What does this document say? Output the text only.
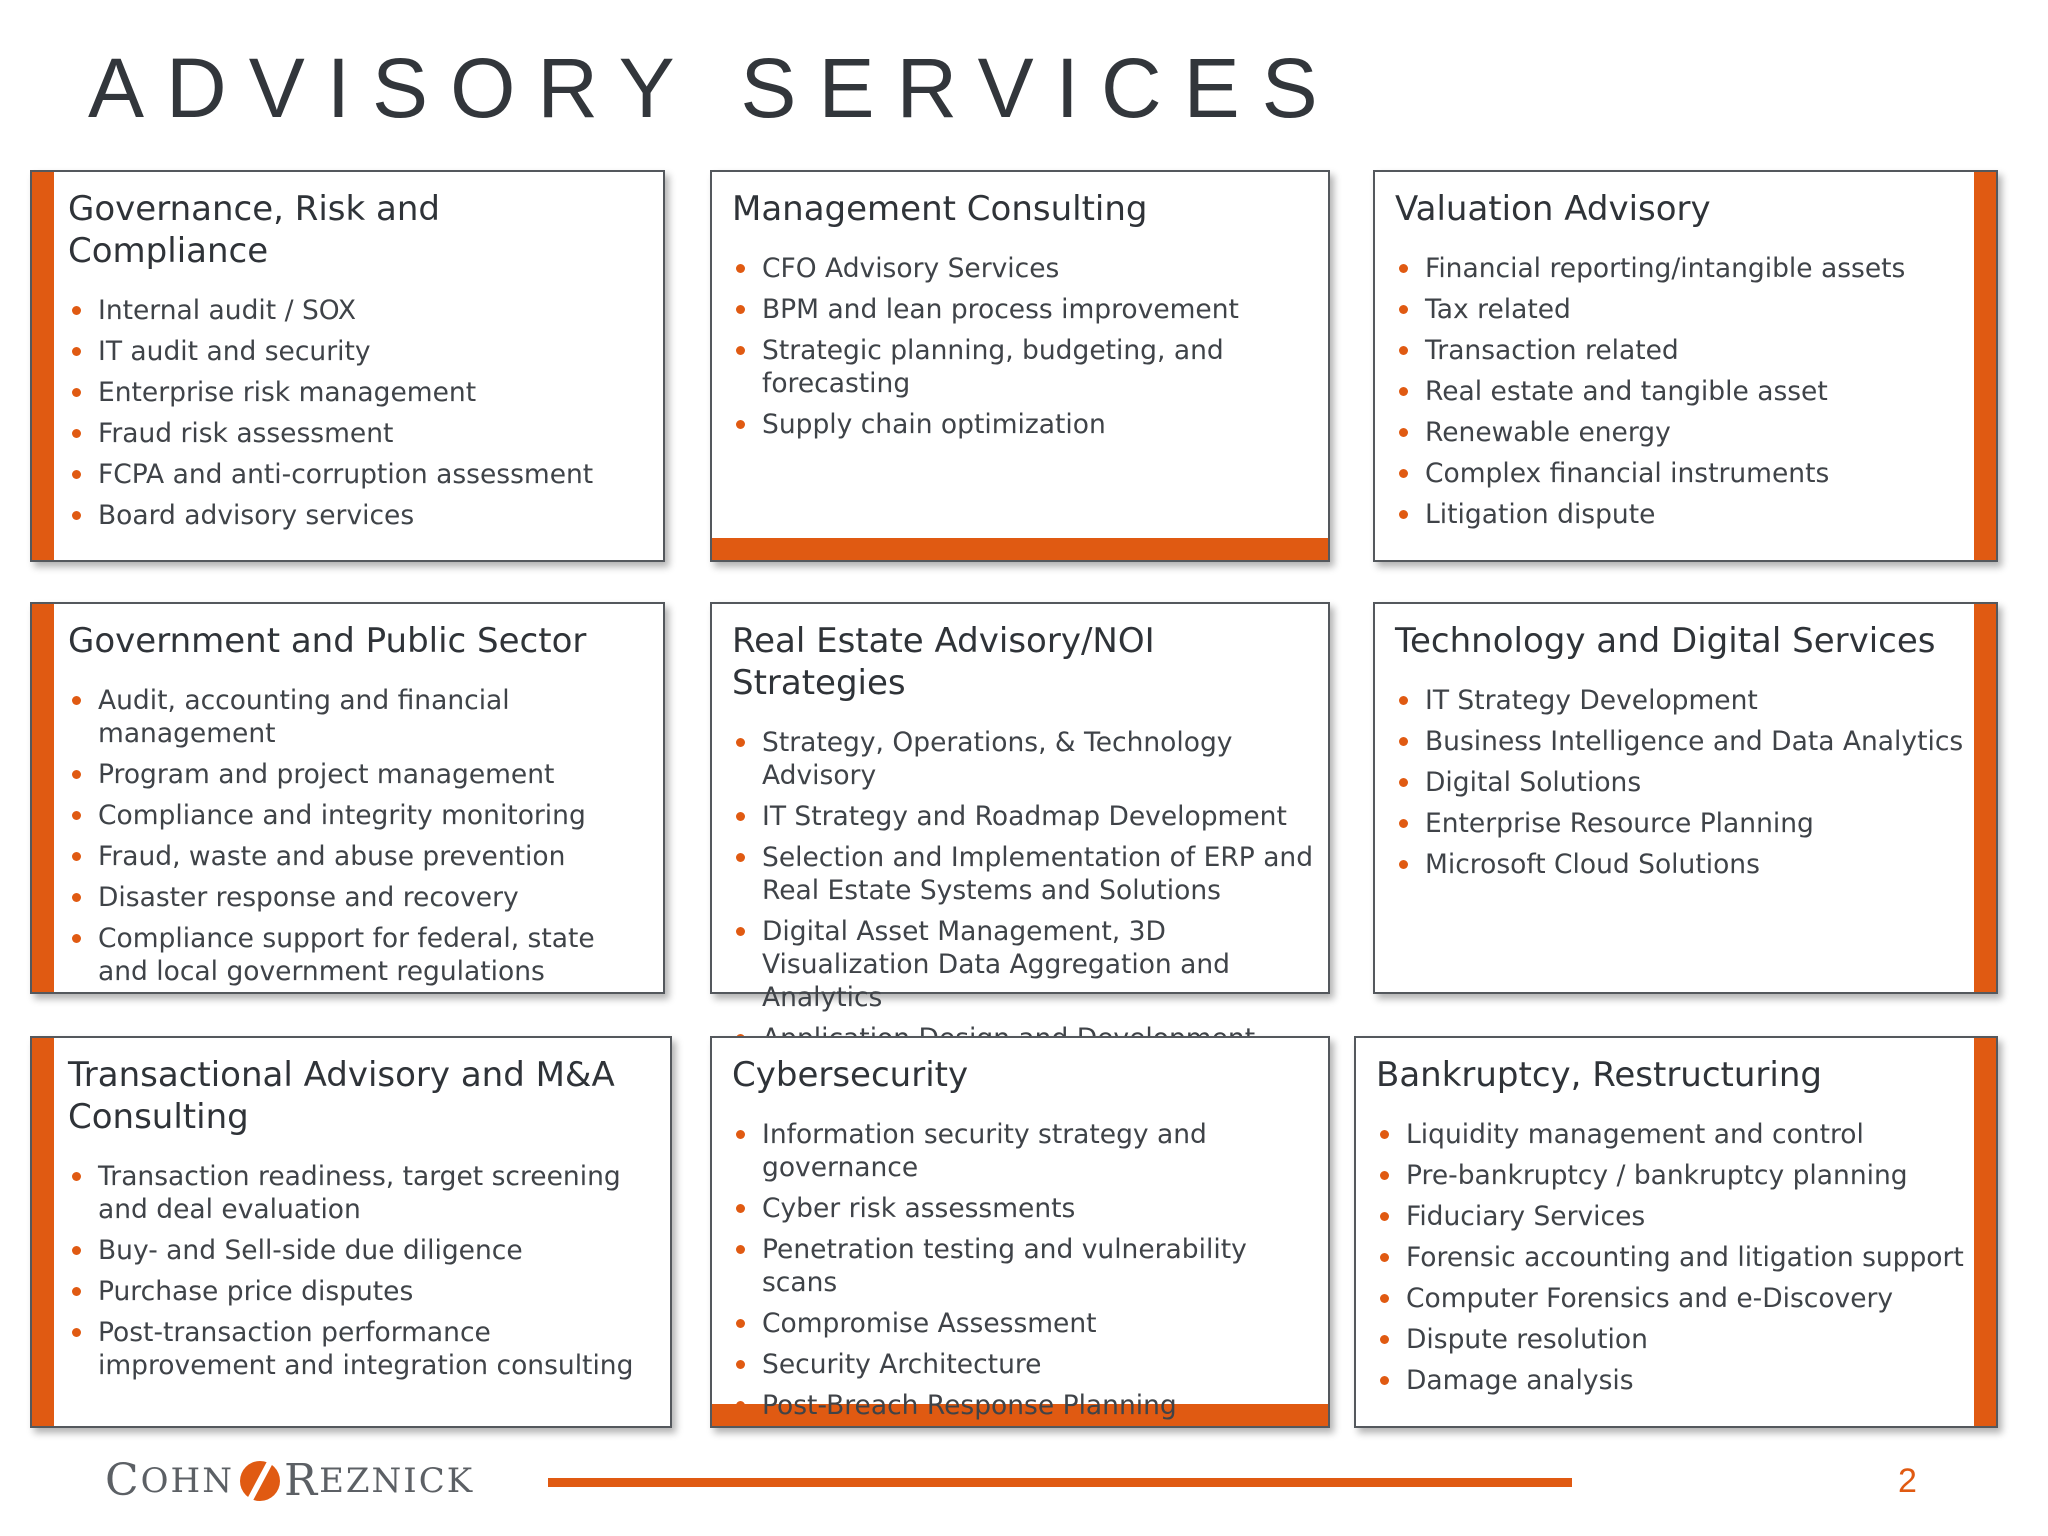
ADVISORY SERVICES
Governance, Risk and Compliance
Internal audit / SOX
IT audit and security
Enterprise risk management
Fraud risk assessment
FCPA and anti-corruption assessment
Board advisory services
Management Consulting
CFO Advisory Services
BPM and lean process improvement
Strategic planning, budgeting, and forecasting
Supply chain optimization
Valuation Advisory
Financial reporting/intangible assets
Tax related
Transaction related
Real estate and tangible asset
Renewable energy
Complex financial instruments
Litigation dispute
Government and Public Sector
Audit, accounting and financial management
Program and project management
Compliance and integrity monitoring
Fraud, waste and abuse prevention
Disaster response and recovery
Compliance support for federal, state and local government regulations
Real Estate Advisory/NOI Strategies
Strategy, Operations, & Technology Advisory
IT Strategy and Roadmap Development
Selection and Implementation of ERP and Real Estate Systems and Solutions
Digital Asset Management, 3D Visualization Data Aggregation and Analytics
Technology and Digital Services
IT Strategy Development
Business Intelligence and Data Analytics
Digital Solutions
Enterprise Resource Planning
Microsoft Cloud Solutions
Transactional Advisory and M&A Consulting
Transaction readiness, target screening and deal evaluation
Buy- and Sell-side due diligence
Purchase price disputes
Post-transaction performance improvement and integration consulting
Cybersecurity
Information security strategy and governance
Cyber risk assessments
Penetration testing and vulnerability scans
Compromise Assessment
Security Architecture
Post-Breach Response Planning
Bankruptcy, Restructuring
Liquidity management and control
Pre-bankruptcy / bankruptcy planning
Fiduciary Services
Forensic accounting and litigation support
Computer Forensics and e-Discovery
Dispute resolution
Damage analysis
C OHN R EZNICK	2
